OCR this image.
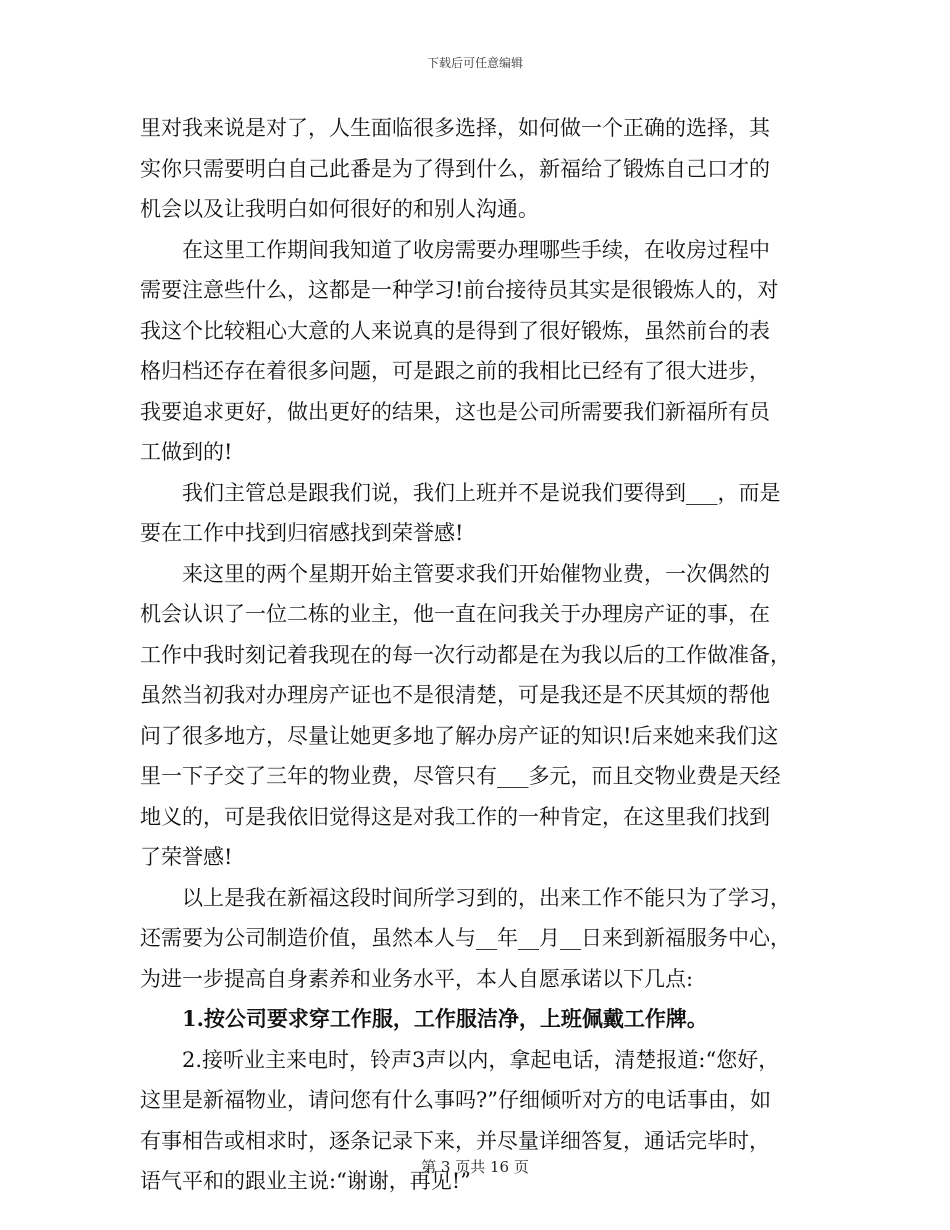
下载后可任意编辑
里对我来说是对了，人生面临很多选择，如何做一个正确的选择，其
实你只需要明白自己此番是为了得到什么，新福给了锻炼自己口才的
机会以及让我明白如何很好的和别人沟通。
在这里工作期间我知道了收房需要办理哪些手续，在收房过程中
需要注意些什么，这都是一种学习!前台接待员其实是很锻炼人的，对
我这个比较粗心大意的人来说真的是得到了很好锻炼，虽然前台的表
格归档还存在着很多问题，可是跟之前的我相比已经有了很大进步，
我要追求更好，做出更好的结果，这也是公司所需要我们新福所有员
工做到的!
我们主管总是跟我们说，我们上班并不是说我们要得到___，而是
要在工作中找到归宿感找到荣誉感!
来这里的两个星期开始主管要求我们开始催物业费，一次偶然的
机会认识了一位二栋的业主，他一直在问我关于办理房产证的事，在
工作中我时刻记着我现在的每一次行动都是在为我以后的工作做准备，
虽然当初我对办理房产证也不是很清楚，可是我还是不厌其烦的帮他
问了很多地方，尽量让她更多地了解办房产证的知识!后来她来我们这
里一下子交了三年的物业费，尽管只有___多元，而且交物业费是天经
地义的，可是我依旧觉得这是对我工作的一种肯定，在这里我们找到
了荣誉感!
以上是我在新福这段时间所学习到的，出来工作不能只为了学习，
还需要为公司制造价值，虽然本人与__年__月__日来到新福服务中心，
为进一步提高自身素养和业务水平，本人自愿承诺以下几点:
1.按公司要求穿工作服，工作服洁净，上班佩戴工作牌。
2.接听业主来电时，铃声3声以内，拿起电话，清楚报道:“您好，
这里是新福物业，请问您有什么事吗?”仔细倾听对方的电话事由，如
有事相告或相求时，逐条记录下来，并尽量详细答复，通话完毕时，
语气平和的跟业主说:“谢谢，再见!”
第 3 页共 16 页
